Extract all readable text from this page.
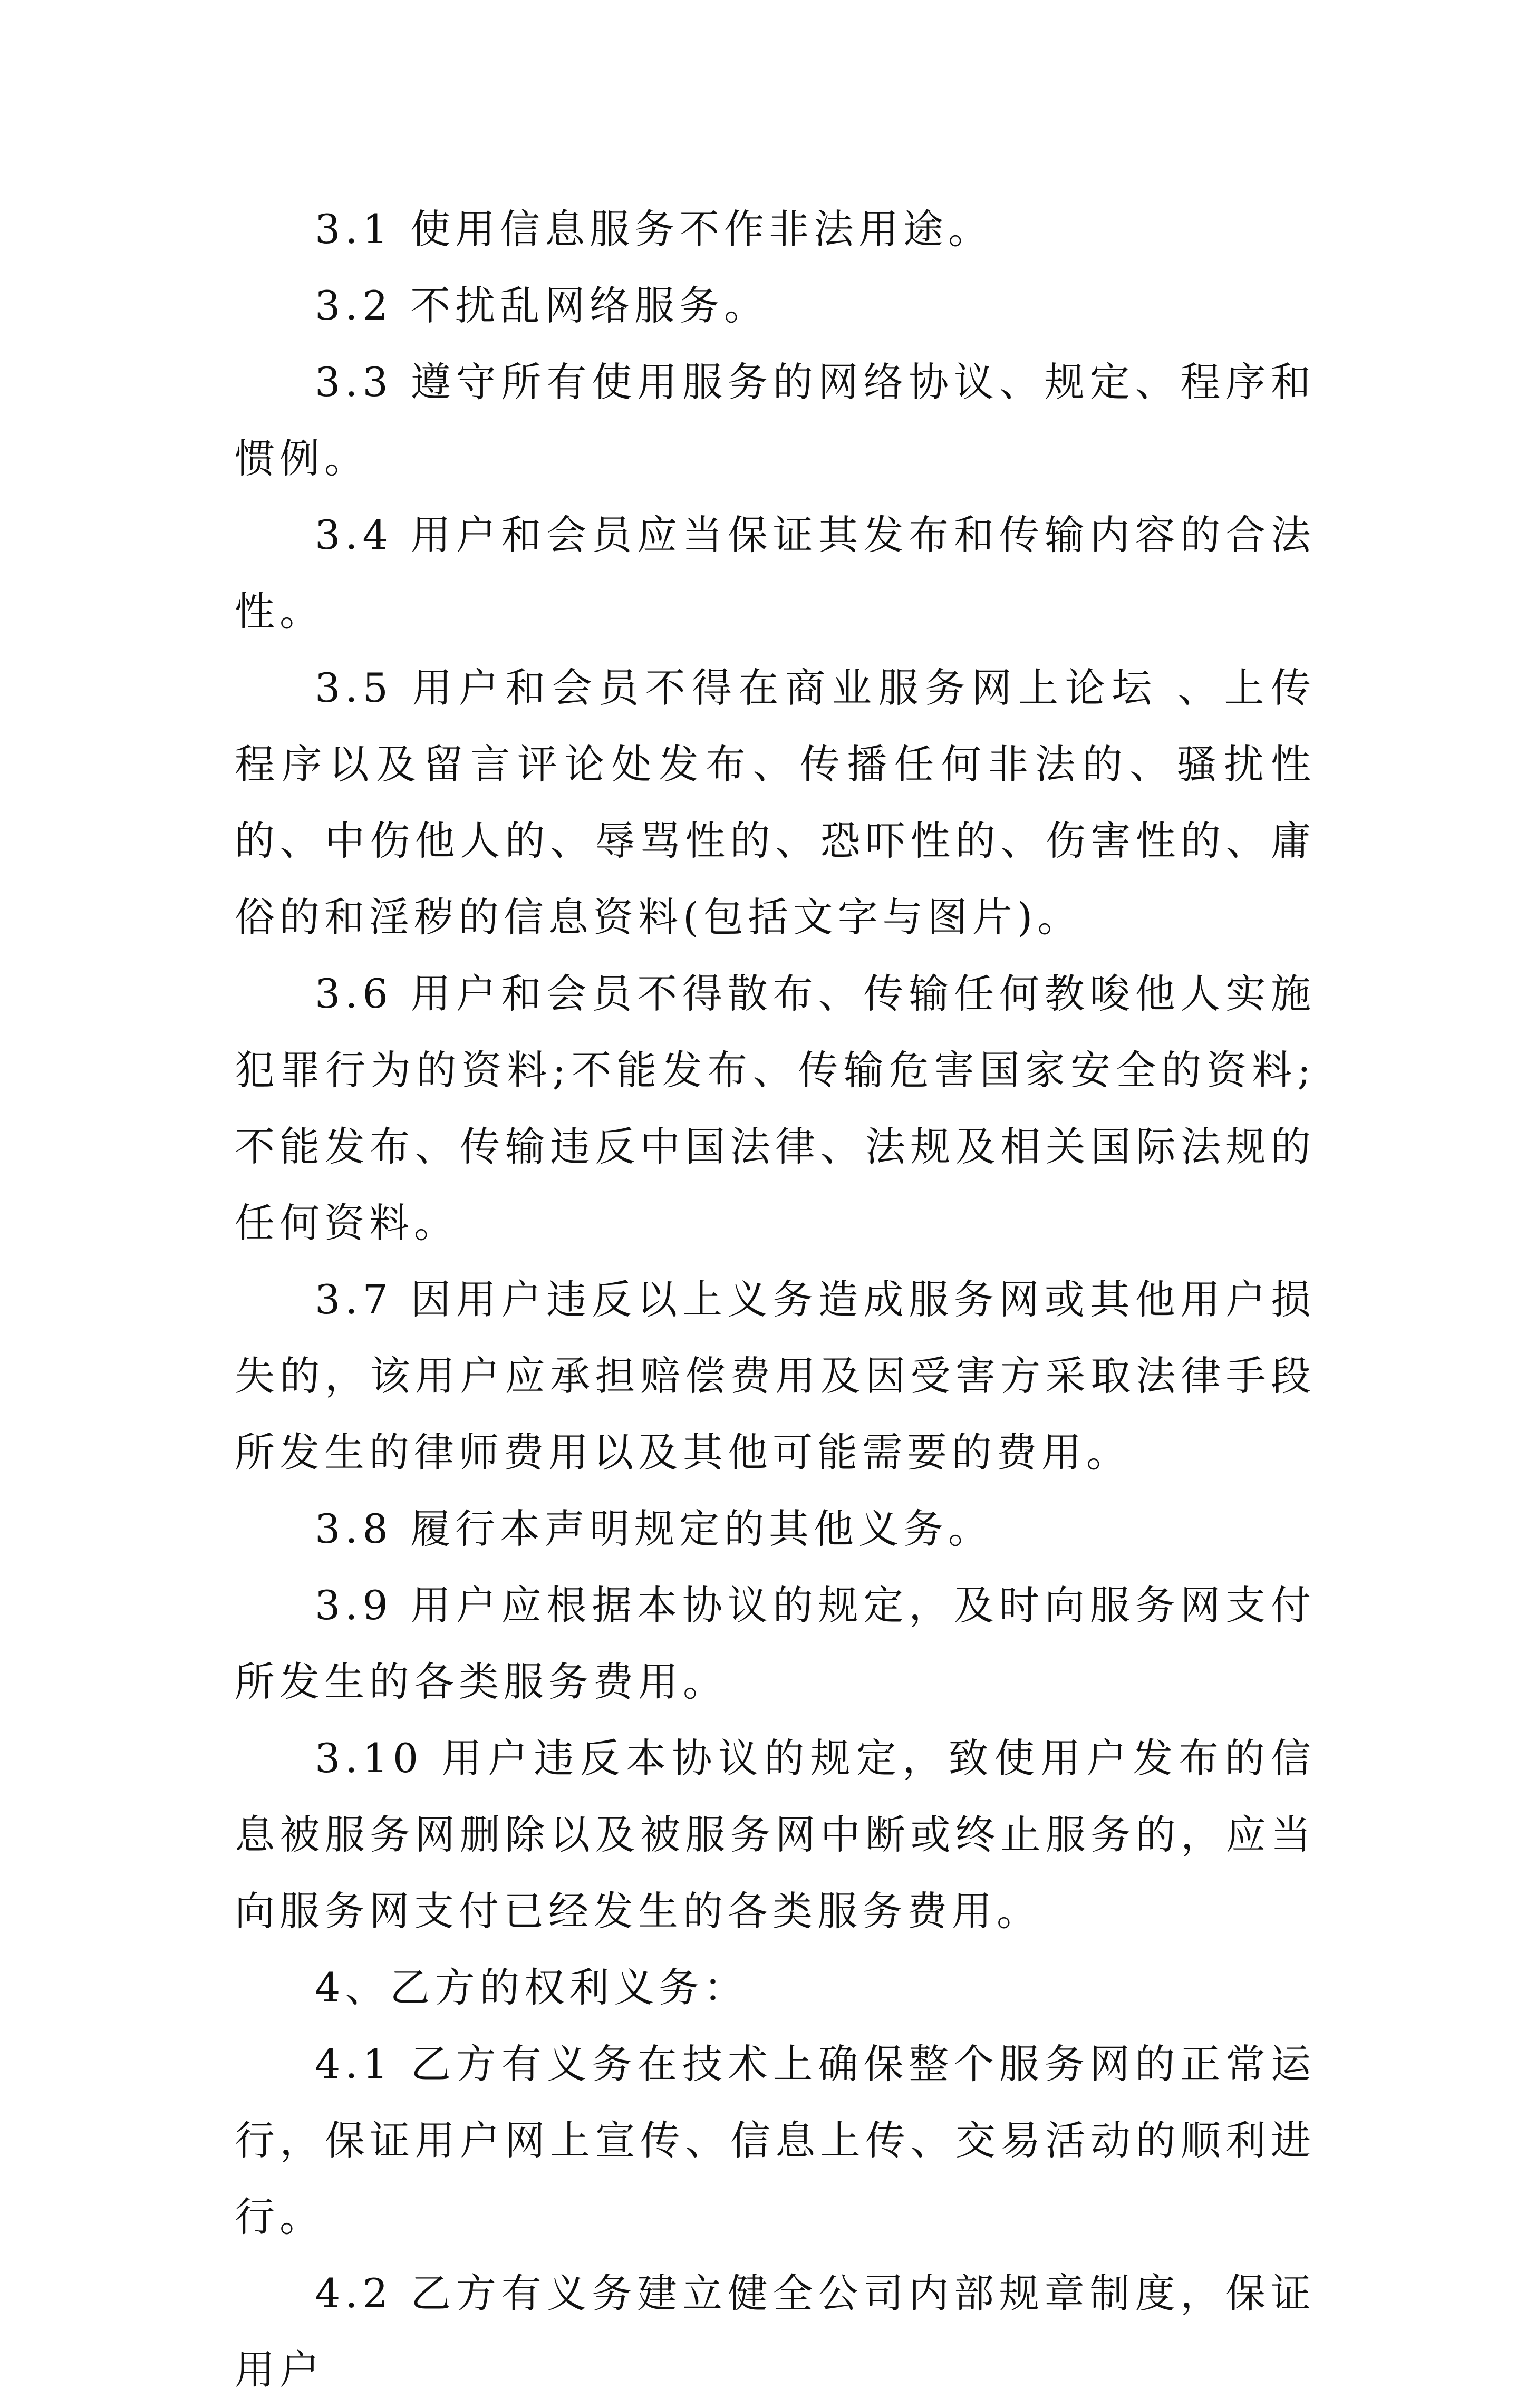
3.1 使用信息服务不作非法用途。

3.2 不扰乱网络服务。

3.3 遵守所有使用服务的网络协议、规定、程序和惯例。

3.4 用户和会员应当保证其发布和传输内容的合法性。

3.5 用户和会员不得在商业服务网上论坛 、上传程序以及留言评论处发布、传播任何非法的、骚扰性的、中伤他人的、辱骂性的、恐吓性的、伤害性的、庸俗的和淫秽的信息资料(包括文字与图片)。

3.6 用户和会员不得散布、传输任何教唆他人实施犯罪行为的资料;不能发布、传输危害国家安全的资料;不能发布、传输违反中国法律、法规及相关国际法规的任何资料。

3.7 因用户违反以上义务造成服务网或其他用户损失的，该用户应承担赔偿费用及因受害方采取法律手段所发生的律师费用以及其他可能需要的费用。

3.8 履行本声明规定的其他义务。

3.9 用户应根据本协议的规定，及时向服务网支付所发生的各类服务费用。

3.10 用户违反本协议的规定，致使用户发布的信息被服务网删除以及被服务网中断或终止服务的，应当向服务网支付已经发生的各类服务费用。

4、乙方的权利义务：

4.1 乙方有义务在技术上确保整个服务网的正常运行，保证用户网上宣传、信息上传、交易活动的顺利进行。

4.2 乙方有义务建立健全公司内部规章制度，保证用户
